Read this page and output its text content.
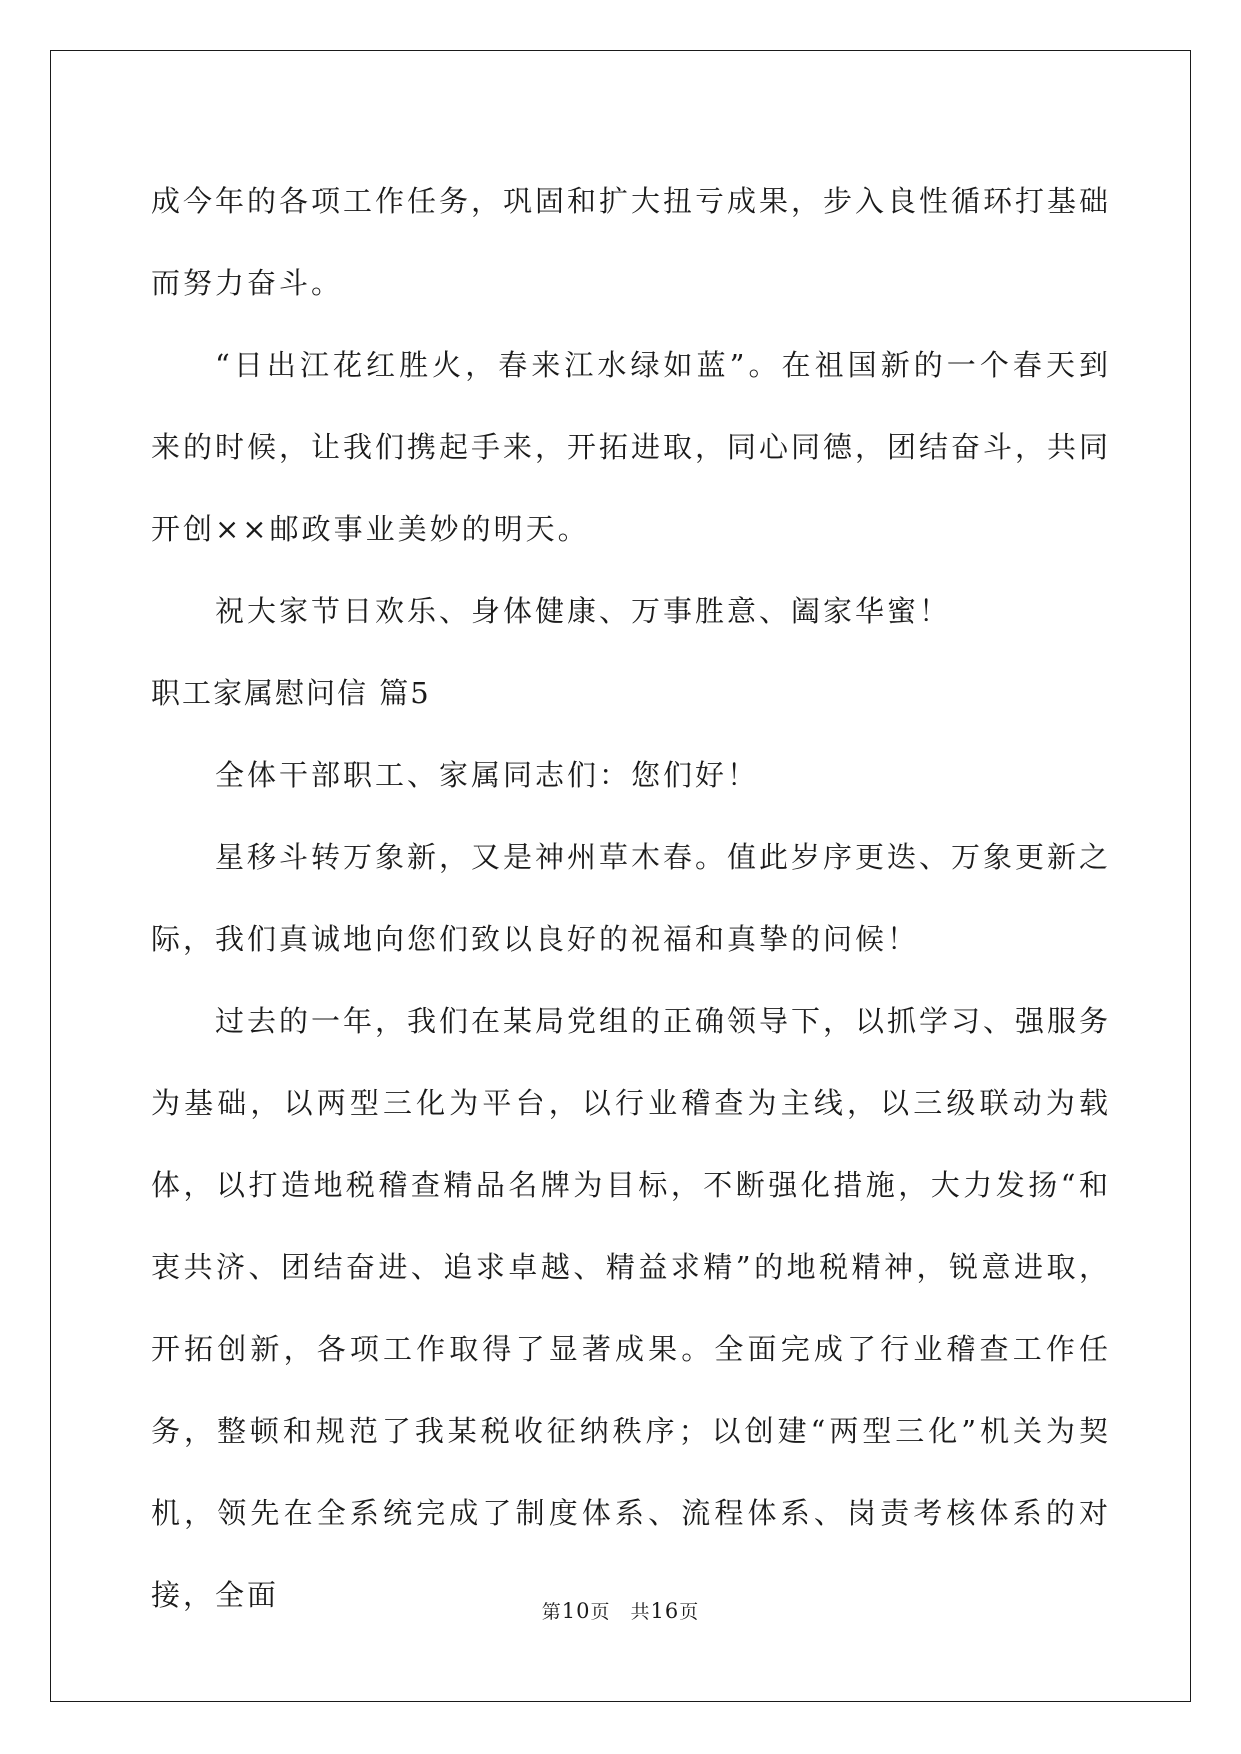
成今年的各项工作任务，巩固和扩大扭亏成果，步入良性循环打基础而努力奋斗。

“日出江花红胜火，春来江水绿如蓝”。在祖国新的一个春天到来的时候，让我们携起手来，开拓进取，同心同德，团结奋斗，共同开创××邮政事业美妙的明天。

祝大家节日欢乐、身体健康、万事胜意、阖家华蜜！

职工家属慰问信 篇5

全体干部职工、家属同志们：您们好！

星移斗转万象新，又是神州草木春。值此岁序更迭、万象更新之际，我们真诚地向您们致以良好的祝福和真挚的问候！

过去的一年，我们在某局党组的正确领导下，以抓学习、强服务为基础，以两型三化为平台，以行业稽查为主线，以三级联动为载体，以打造地税稽查精品名牌为目标，不断强化措施，大力发扬“和衷共济、团结奋进、追求卓越、精益求精”的地税精神，锐意进取，开拓创新，各项工作取得了显著成果。全面完成了行业稽查工作任务，整顿和规范了我某税收征纳秩序；以创建“两型三化”机关为契机，领先在全系统完成了制度体系、流程体系、岗责考核体系的对接，全面	第10页　共16页
